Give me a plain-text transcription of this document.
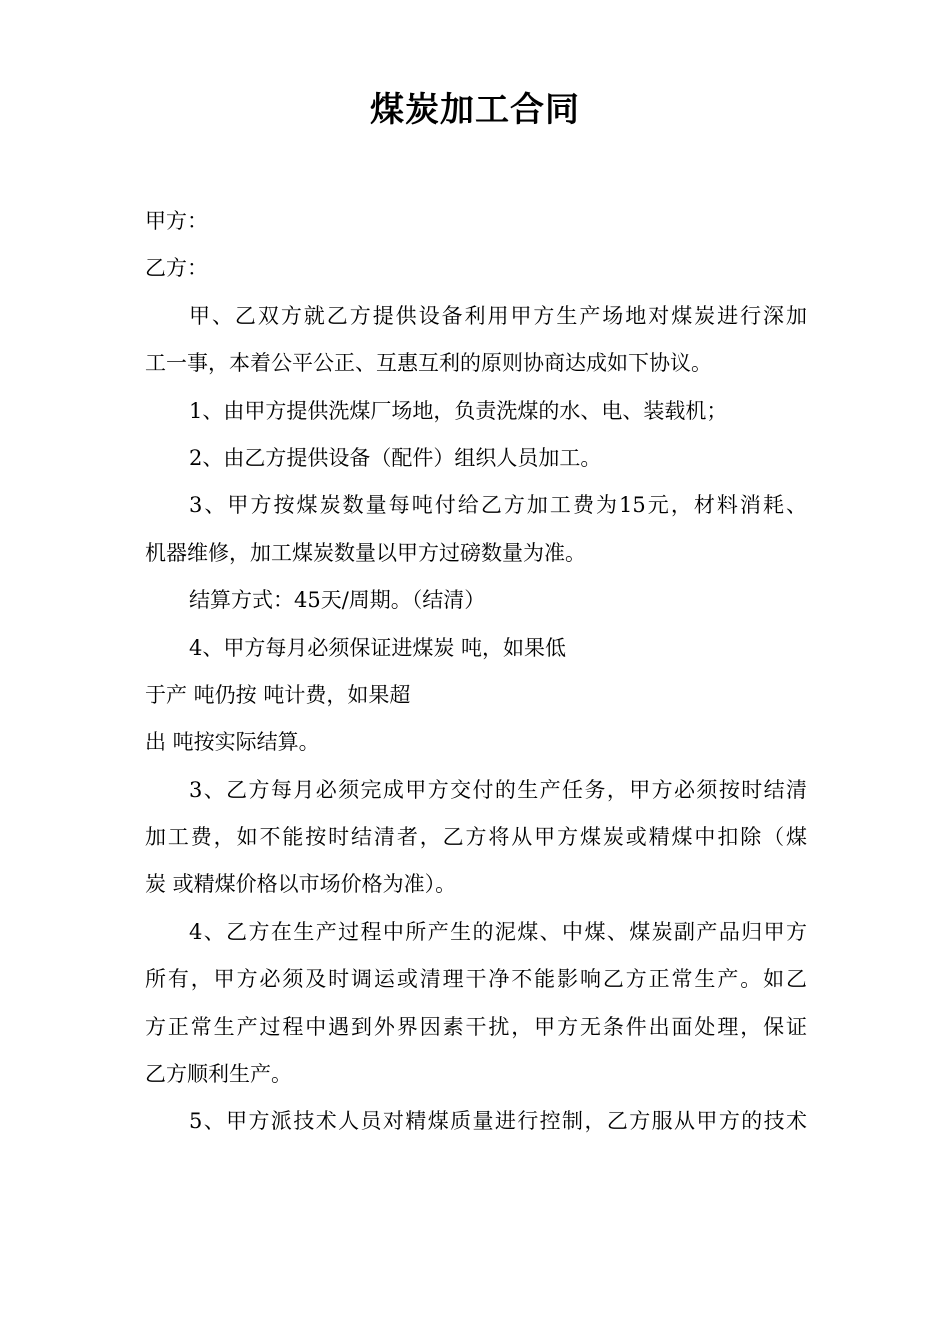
煤炭加工合同
甲方：
乙方：
甲、乙双方就乙方提供设备利用甲方生产场地对煤炭进行深加
工一事，本着公平公正、互惠互利的原则协商达成如下协议。
1、由甲方提供洗煤厂场地，负责洗煤的水、电、装载机；
2、由乙方提供设备（配件）组织人员加工。
3、甲方按煤炭数量每吨付给乙方加工费为15元，材料消耗、
机器维修，加工煤炭数量以甲方过磅数量为准。
结算方式：45天/周期。（结清）
4、甲方每月必须保证进煤炭 吨，如果低
于产 吨仍按 吨计费，如果超
出 吨按实际结算。
3、乙方每月必须完成甲方交付的生产任务，甲方必须按时结清
加工费，如不能按时结清者，乙方将从甲方煤炭或精煤中扣除（煤
炭 或精煤价格以市场价格为准）。
4、乙方在生产过程中所产生的泥煤、中煤、煤炭副产品归甲方
所有，甲方必须及时调运或清理干净不能影响乙方正常生产。如乙
方正常生产过程中遇到外界因素干扰，甲方无条件出面处理，保证
乙方顺利生产。
5、甲方派技术人员对精煤质量进行控制，乙方服从甲方的技术
